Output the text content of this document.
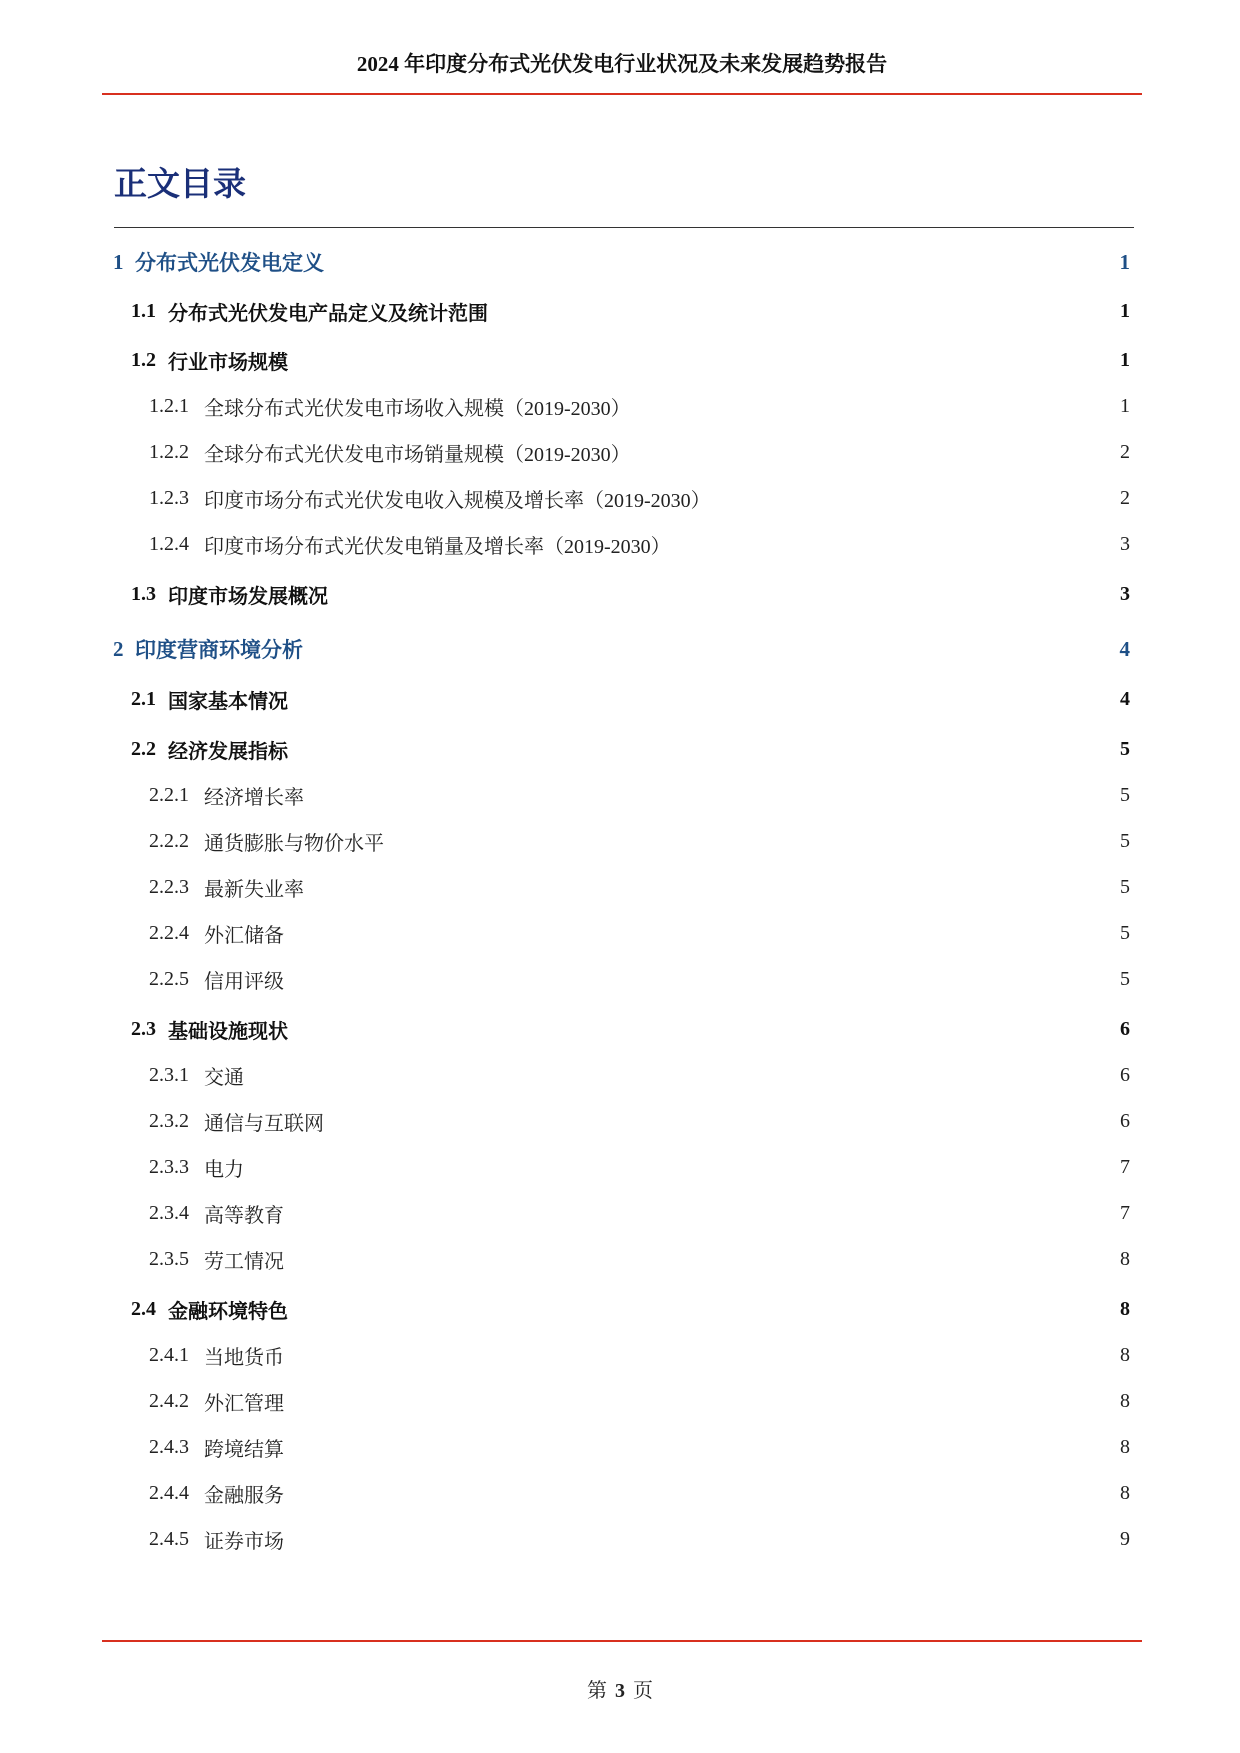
2024 年印度分布式光伏发电行业状况及未来发展趋势报告
正文目录
1 分布式光伏发电定义	1
1.1 分布式光伏发电产品定义及统计范围	1
1.2 行业市场规模	1
1.2.1 全球分布式光伏发电市场收入规模（2019-2030）	1
1.2.2 全球分布式光伏发电市场销量规模（2019-2030）	2
1.2.3 印度市场分布式光伏发电收入规模及增长率（2019-2030）	2
1.2.4 印度市场分布式光伏发电销量及增长率（2019-2030）	3
1.3 印度市场发展概况	3
2 印度营商环境分析	4
2.1 国家基本情况	4
2.2 经济发展指标	5
2.2.1 经济增长率	5
2.2.2 通货膨胀与物价水平	5
2.2.3 最新失业率	5
2.2.4 外汇储备	5
2.2.5 信用评级	5
2.3 基础设施现状	6
2.3.1 交通	6
2.3.2 通信与互联网	6
2.3.3 电力	7
2.3.4 高等教育	7
2.3.5 劳工情况	8
2.4 金融环境特色	8
2.4.1 当地货币	8
2.4.2 外汇管理	8
2.4.3 跨境结算	8
2.4.4 金融服务	8
2.4.5 证券市场	9
第 3 页
